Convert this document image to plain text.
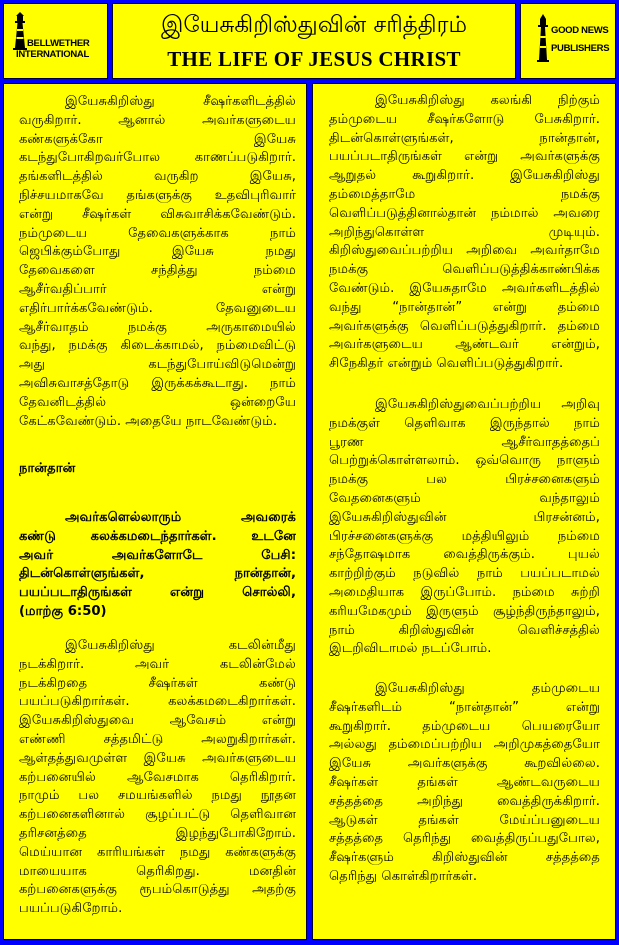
BELLWETHER
INTERNATIONAL
இயேசுகிறிஸ்துவின் சரித்திரம்
THE LIFE OF JESUS CHRIST
GOOD NEWS
PUBLISHERS
இயேசுகிறிஸ்து சீஷர்களிடத்தில்
வருகிறார். ஆனால் அவர்களுடைய
கண்களுக்கோ இயேசு
கடந்துபோகிறவர்போல காணப்படுகிறார்.
தங்களிடத்தில் வருகிற இயேசு,
நிச்சயமாகவே தங்களுக்கு உதவிபுரிவார்
என்று சீஷர்கள் விசுவாசிக்கவேண்டும்.
நம்முடைய தேவைகளுக்காக நாம்
ஜெபிக்கும்போது இயேசு நமது
தேவைகளை சந்தித்து நம்மை
ஆசீர்வதிப்பார் என்று
எதிர்பார்க்கவேண்டும். தேவனுடைய
ஆசீர்வாதம் நமக்கு அருகாமையில்
வந்து, நமக்கு கிடைக்காமல், நம்மைவிட்டு
அது கடந்துபோய்விடுமென்று
அவிசுவாசத்தோடு இருக்கக்கூடாது. நாம்
தேவனிடத்தில் ஒன்றையே
கேட்கவேண்டும். அதையே நாடவேண்டும்.
நான்தான்
அவர்களெல்லாரும் அவரைக்
கண்டு கலக்கமடைந்தார்கள். உடனே
அவர் அவர்களோடே பேசி:
திடன்கொள்ளுங்கள், நான்தான்,
பயப்படாதிருங்கள் என்று சொல்லி,
(மாற்கு 6:50)
இயேசுகிறிஸ்து கடலின்மீது
நடக்கிறார். அவர் கடலின்மேல்
நடக்கிறதை சீஷர்கள் கண்டு
பயப்படுகிறார்கள். கலக்கமடைகிறார்கள்.
இயேசுகிறிஸ்துவை ஆவேசம் என்று
எண்ணி சத்தமிட்டு அலறுகிறார்கள்.
ஆள்தத்துவமுள்ள இயேசு அவர்களுடைய
கற்பனையில் ஆவேசமாக தெரிகிறார்.
நாமும் பல சமயங்களில் நமது நூதன
கற்பனைகளினால் சூழப்பட்டு தெளிவான
தரிசனத்தை இழந்துபோகிறோம்.
மெய்யான காரியங்கள் நமது கண்களுக்கு
மாயையாக தெரிகிறது. மனதின்
கற்பனைகளுக்கு ரூபம்கொடுத்து அதற்கு
பயப்படுகிறோம்.
இயேசுகிறிஸ்து கலங்கி நிற்கும்
தம்முடைய சீஷர்களோடு பேசுகிறார்.
திடன்கொள்ளுங்கள், நான்தான்,
பயப்படாதிருங்கள் என்று அவர்களுக்கு
ஆறுதல் கூறுகிறார். இயேசுகிறிஸ்து
தம்மைத்தாமே நமக்கு
வெளிப்படுத்தினால்தான் நம்மால் அவரை
அறிந்துகொள்ள முடியும்.
கிறிஸ்துவைப்பற்றிய அறிவை அவர்தாமே
நமக்கு வெளிப்படுத்திக்காண்பிக்க
வேண்டும். இயேசுதாமே அவர்களிடத்தில்
வந்து “நான்தான்” என்று தம்மை
அவர்களுக்கு வெளிப்படுத்துகிறார். தம்மை
அவர்களுடைய ஆண்டவர் என்றும்,
சிநேகிதர் என்றும் வெளிப்படுத்துகிறார்.
இயேசுகிறிஸ்துவைப்பற்றிய அறிவு
நமக்குள் தெளிவாக இருந்தால் நாம்
பூரண ஆசீர்வாதத்தைப்
பெற்றுக்கொள்ளலாம். ஒவ்வொரு நாளும்
நமக்கு பல பிரச்சனைகளும்
வேதனைகளும் வந்தாலும்
இயேசுகிறிஸ்துவின் பிரசன்னம்,
பிரச்சனைகளுக்கு மத்தியிலும் நம்மை
சந்தோஷமாக வைத்திருக்கும். புயல்
காற்றிற்கும் நடுவில் நாம் பயப்படாமல்
அமைதியாக இருப்போம். நம்மை சுற்றி
கரியமேகமும் இருளும் சூழ்ந்திருந்தாலும்,
நாம் கிறிஸ்துவின் வெளிச்சத்தில்
இடறிவிடாமல் நடப்போம்.
இயேசுகிறிஸ்து தம்முடைய
சீஷர்களிடம் “நான்தான்” என்று
கூறுகிறார். தம்முடைய பெயரையோ
அல்லது தம்மைப்பற்றிய அறிமுகத்தையோ
இயேசு அவர்களுக்கு கூறவில்லை.
சீஷர்கள் தங்கள் ஆண்டவருடைய
சத்தத்தை அறிந்து வைத்திருக்கிறார்.
ஆடுகள் தங்கள் மேய்ப்பனுடைய
சத்தத்தை தெரிந்து வைத்திருப்பதுபோல,
சீஷர்களும் கிறிஸ்துவின் சத்தத்தை
தெரிந்து கொள்கிறார்கள்.
